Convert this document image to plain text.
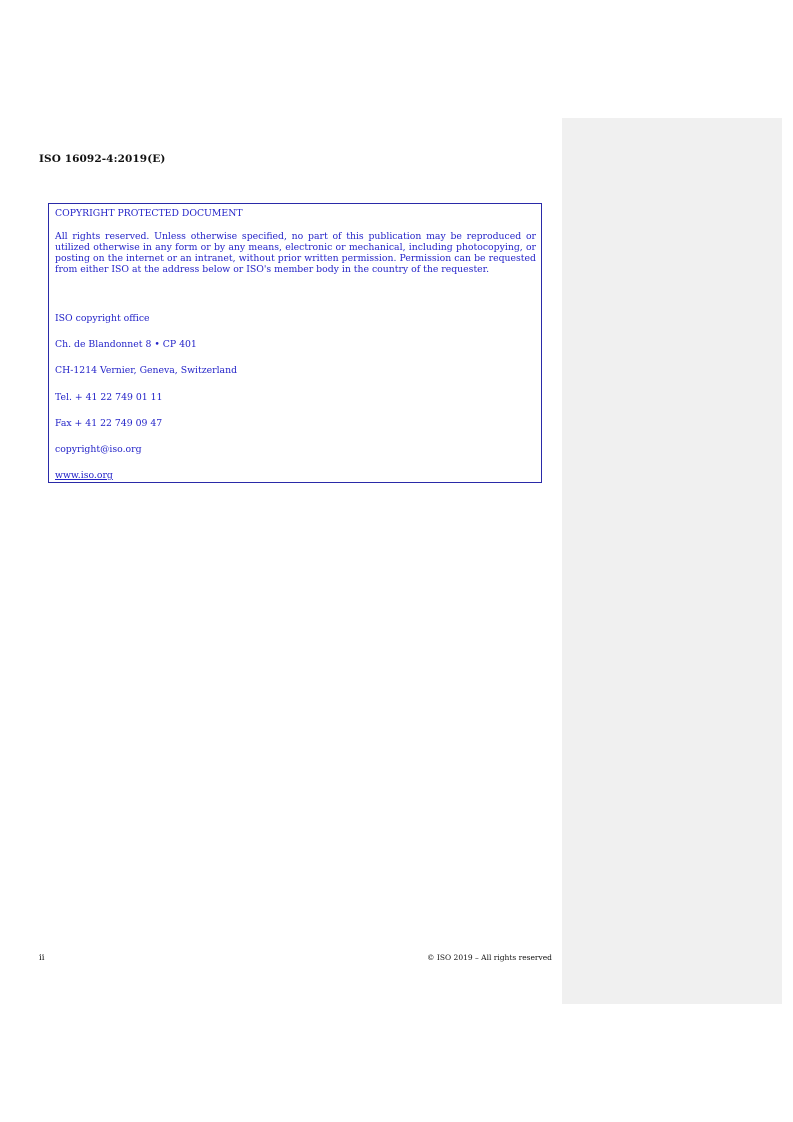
ISO 16092-4:2019(E)

COPYRIGHT PROTECTED DOCUMENT

All rights reserved. Unless otherwise specified, no part of this publication may be reproduced or utilized otherwise in any form or by any means, electronic or mechanical, including photocopying, or posting on the internet or an intranet, without prior written permission. Permission can be requested from either ISO at the address below or ISO's member body in the country of the requester.

ISO copyright office

Ch. de Blandonnet 8 • CP 401

CH-1214 Vernier, Geneva, Switzerland

Tel. + 41 22 749 01 11

Fax + 41 22 749 09 47

copyright@iso.org

www.iso.org

ii	© ISO 2019 – All rights reserved
